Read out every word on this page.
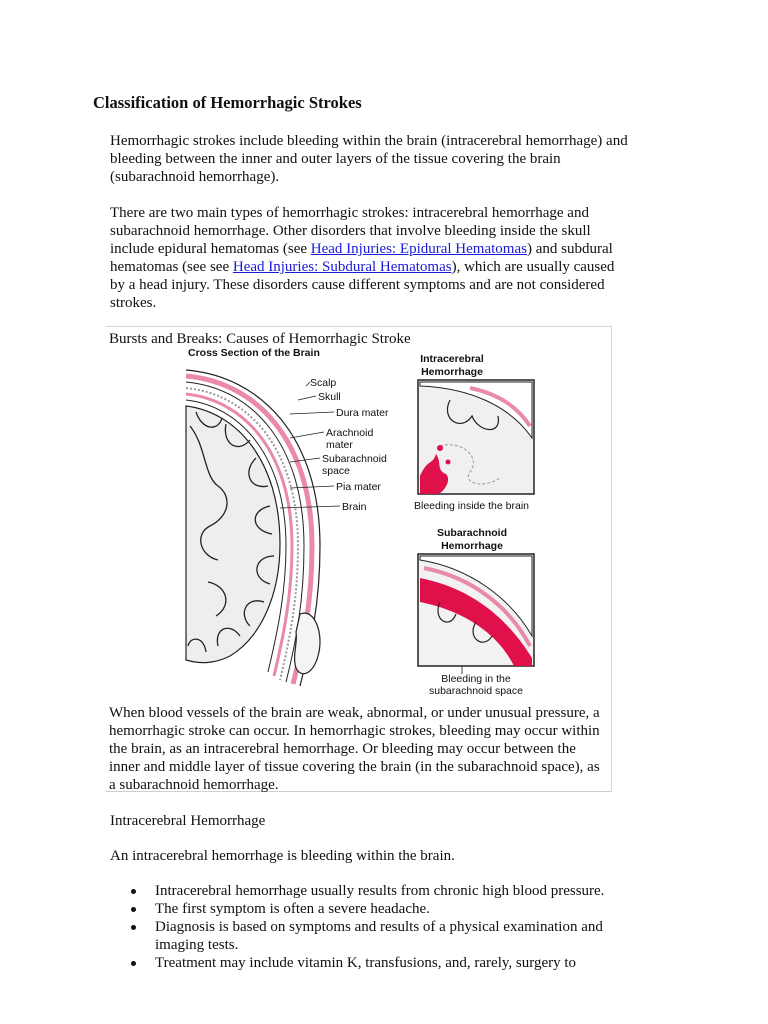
Classification of Hemorrhagic Strokes

Hemorrhagic strokes include bleeding within the brain (intracerebral hemorrhage) and bleeding between the inner and outer layers of the tissue covering the brain (subarachnoid hemorrhage).

There are two main types of hemorrhagic strokes: intracerebral hemorrhage and subarachnoid hemorrhage. Other disorders that involve bleeding inside the skull include epidural hematomas (see Head Injuries: Epidural Hematomas) and subdural hematomas (see see Head Injuries: Subdural Hematomas), which are usually caused by a head injury. These disorders cause different symptoms and are not considered strokes.

Bursts and Breaks: Causes of Hemorrhagic Stroke

Cross Section of the Brain
Scalp
Skull
Dura mater
Arachnoid
mater
Subarachnoid
space
Pia mater
Brain
Intracerebral
Hemorrhage
Bleeding inside the brain
Subarachnoid
Hemorrhage
Bleeding in the
subarachnoid space

When blood vessels of the brain are weak, abnormal, or under unusual pressure, a hemorrhagic stroke can occur. In hemorrhagic strokes, bleeding may occur within the brain, as an intracerebral hemorrhage. Or bleeding may occur between the inner and middle layer of tissue covering the brain (in the subarachnoid space), as a subarachnoid hemorrhage.

Intracerebral Hemorrhage

An intracerebral hemorrhage is bleeding within the brain.

Intracerebral hemorrhage usually results from chronic high blood pressure.
The first symptom is often a severe headache.
Diagnosis is based on symptoms and results of a physical examination and imaging tests.
Treatment may include vitamin K, transfusions, and, rarely, surgery to
